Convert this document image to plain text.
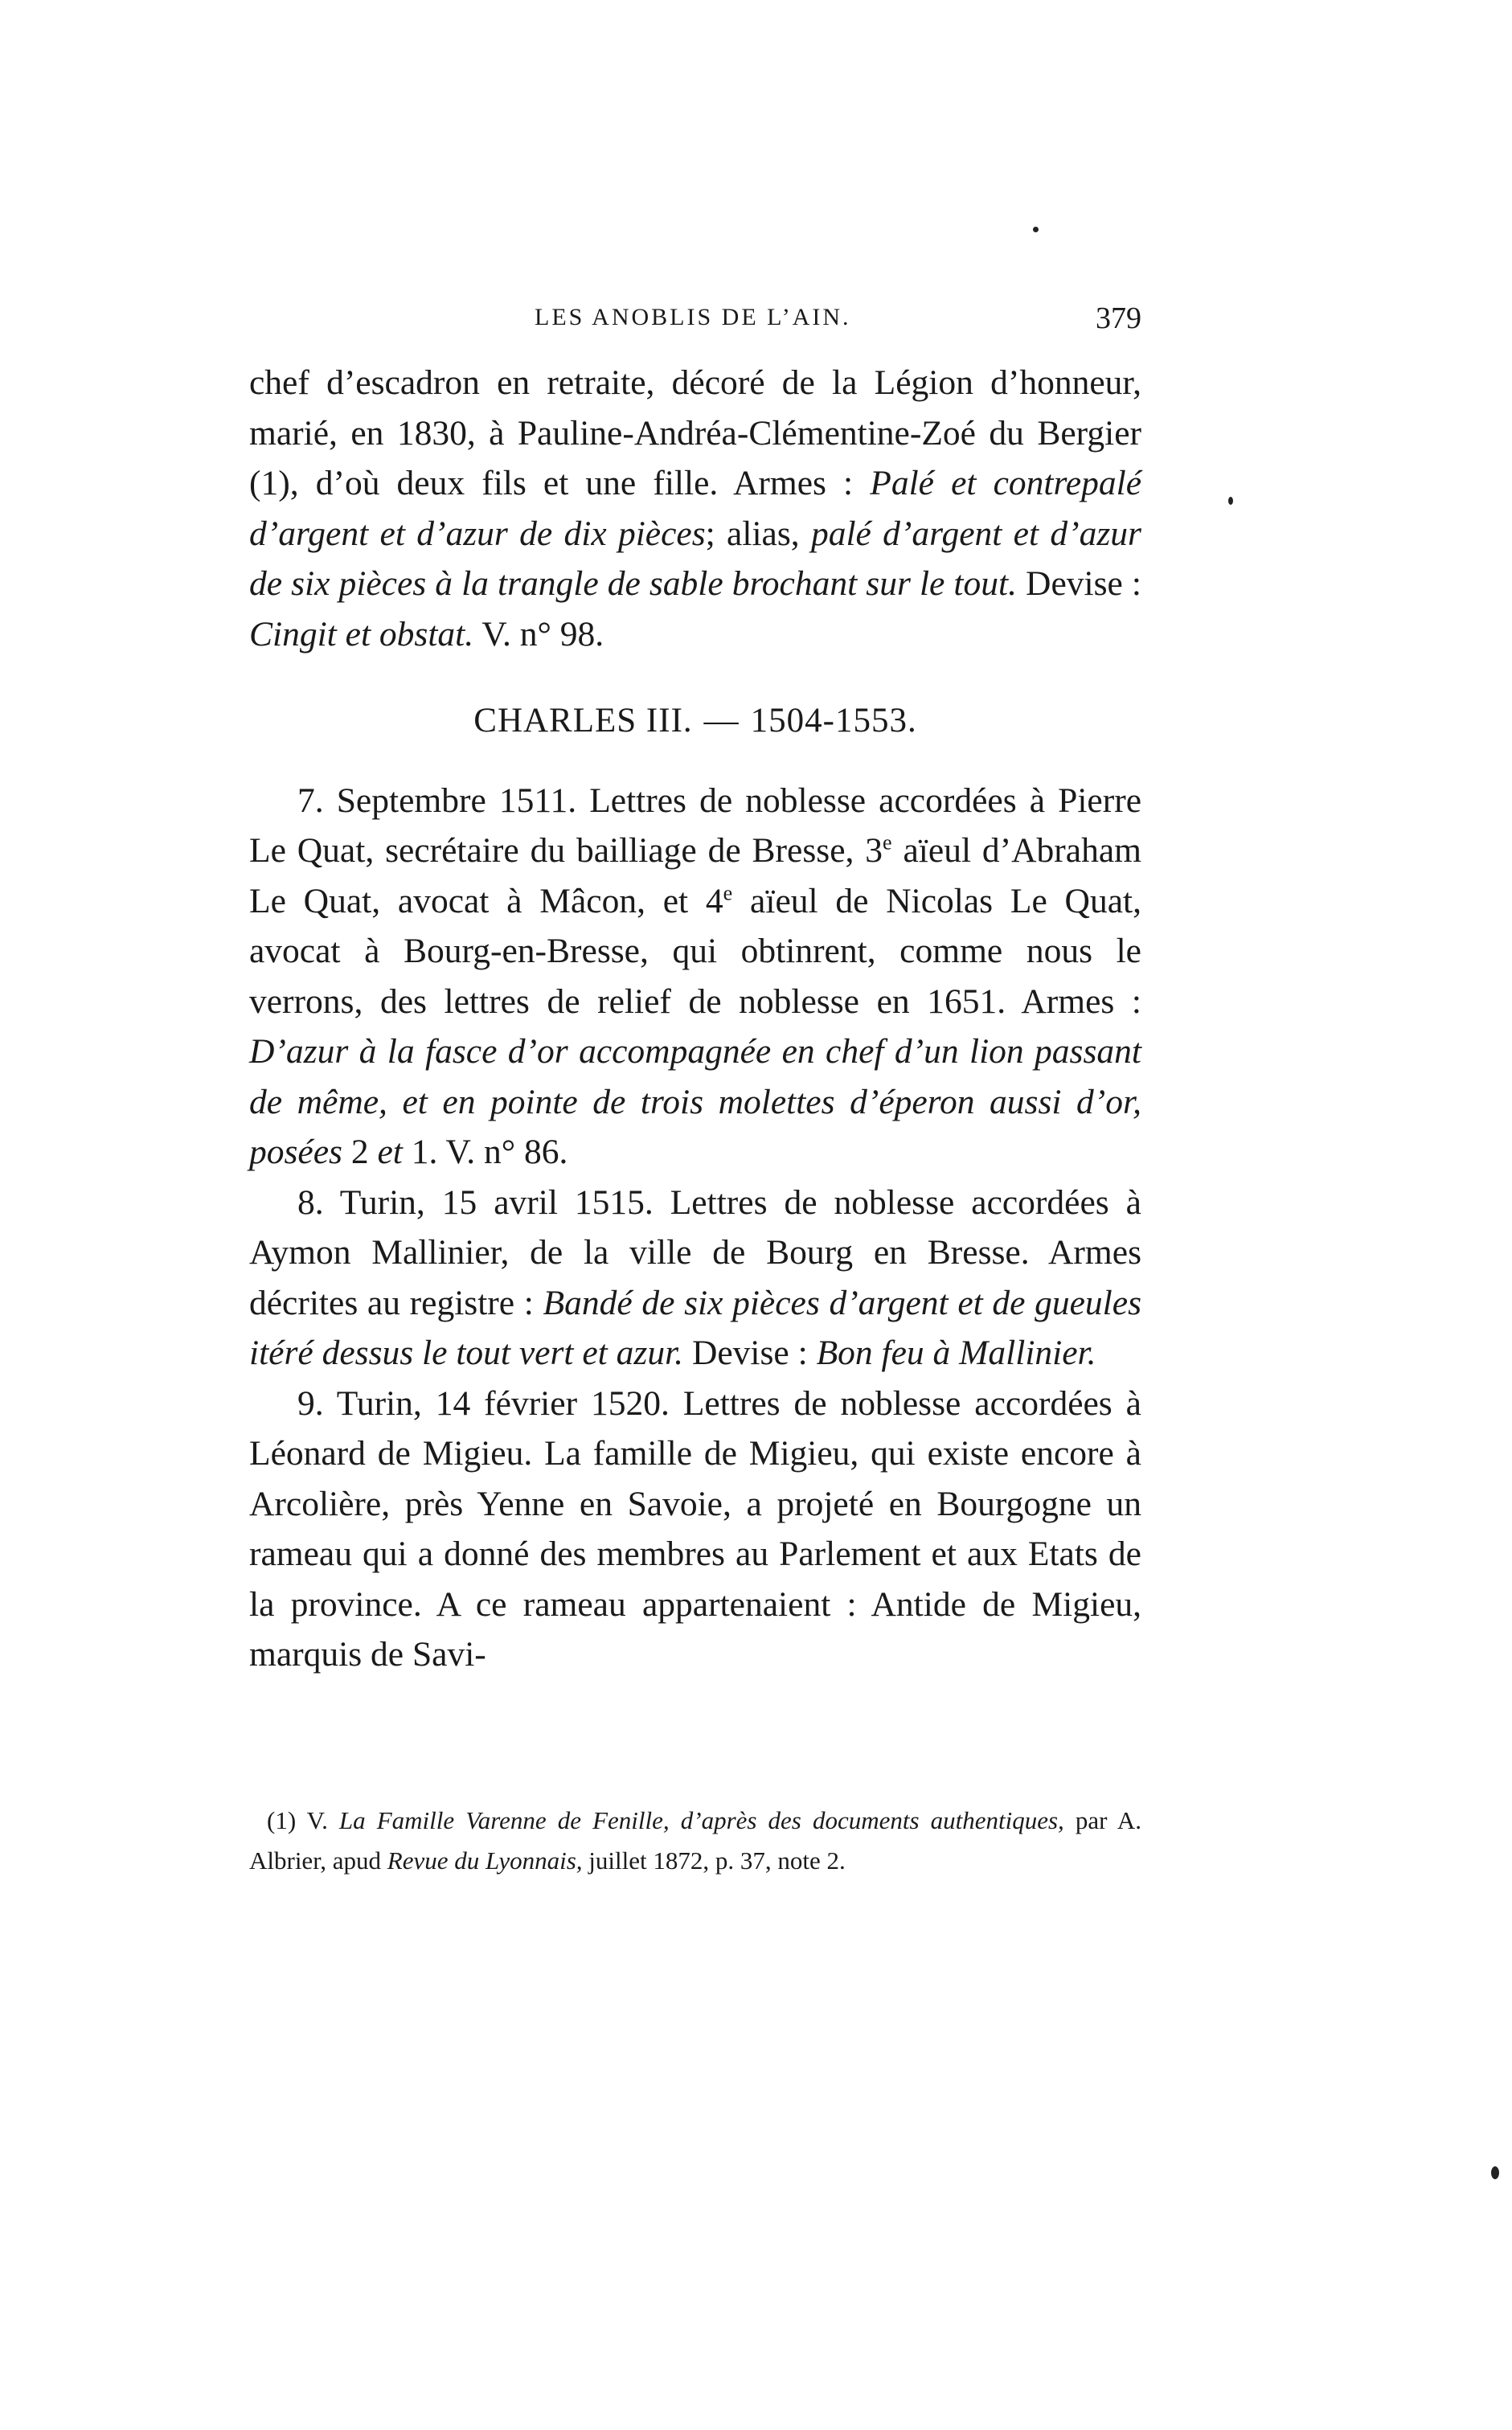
LES ANOBLIS DE L’AIN.	379

chef d’escadron en retraite, décoré de la Légion d’honneur, marié, en 1830, à Pauline-Andréa-Clémentine-Zoé du Bergier (1), d’où deux fils et une fille. Armes : Palé et contrepalé d’argent et d’azur de dix pièces; alias, palé d’argent et d’azur de six pièces à la trangle de sable brochant sur le tout. Devise : Cingit et obstat. V. n° 98.

CHARLES III. — 1504-1553.

7. Septembre 1511. Lettres de noblesse accordées à Pierre Le Quat, secrétaire du bailliage de Bresse, 3e aïeul d’Abraham Le Quat, avocat à Mâcon, et 4e aïeul de Nicolas Le Quat, avocat à Bourg-en-Bresse, qui obtinrent, comme nous le verrons, des lettres de relief de noblesse en 1651. Armes : D’azur à la fasce d’or accompagnée en chef d’un lion passant de même, et en pointe de trois molettes d’éperon aussi d’or, posées 2 et 1. V. n° 86.

8. Turin, 15 avril 1515. Lettres de noblesse accordées à Aymon Mallinier, de la ville de Bourg en Bresse. Armes décrites au registre : Bandé de six pièces d’argent et de gueules itéré dessus le tout vert et azur. Devise : Bon feu à Mallinier.

9. Turin, 14 février 1520. Lettres de noblesse accordées à Léonard de Migieu. La famille de Migieu, qui existe encore à Arcolière, près Yenne en Savoie, a projeté en Bourgogne un rameau qui a donné des membres au Parlement et aux Etats de la province. A ce rameau appartenaient : Antide de Migieu, marquis de Savi-

(1) V. La Famille Varenne de Fenille, d’après des documents authentiques, par A. Albrier, apud Revue du Lyonnais, juillet 1872, p. 37, note 2.
